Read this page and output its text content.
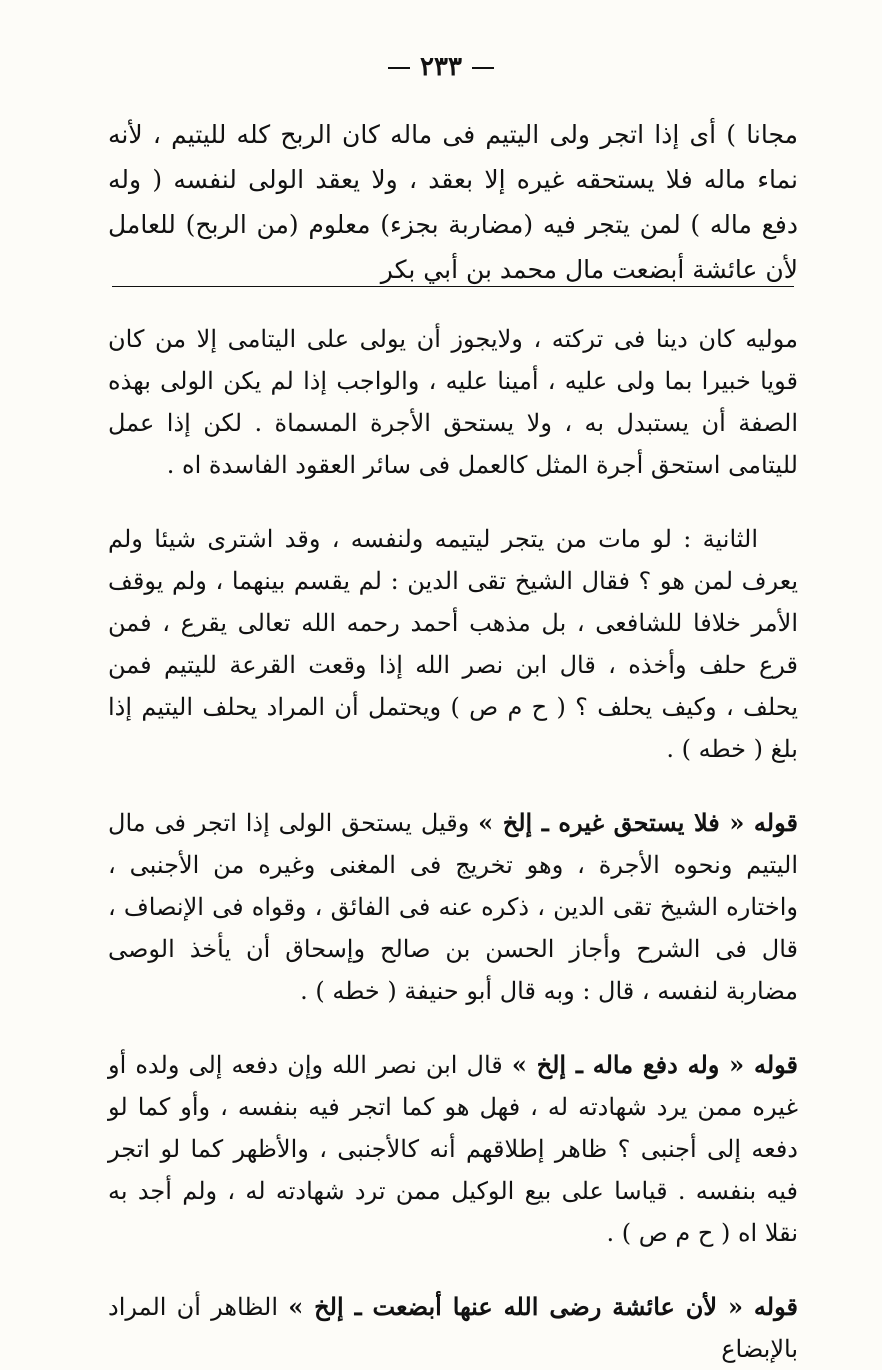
٢٣٣
مجانا ) أى إذا اتجر ولى اليتيم فى ماله كان الربح كله لليتيم ، لأنه نماء ماله فلا يستحقه غيره إلا بعقد ، ولا يعقد الولى لنفسه ( وله دفع ماله ) لمن يتجر فيه (مضاربة بجزء) معلوم (من الربح) للعامل لأن عائشة أبضعت مال محمد بن أبي بكر

موليه كان دينا فى تركته ، ولايجوز أن يولى على اليتامى إلا من كان قويا خبيرا بما ولى عليه ، أمينا عليه ، والواجب إذا لم يكن الولى بهذه الصفة أن يستبدل به ، ولا يستحق الأجرة المسماة . لكن إذا عمل لليتامى استحق أجرة المثل كالعمل فى سائر العقود الفاسدة اه .

الثانية : لو مات من يتجر ليتيمه ولنفسه ، وقد اشترى شيئا ولم يعرف لمن هو ؟ فقال الشيخ تقى الدين : لم يقسم بينهما ، ولم يوقف الأمر خلافا للشافعى ، بل مذهب أحمد رحمه الله تعالى يقرع ، فمن قرع حلف وأخذه ، قال ابن نصر الله إذا وقعت القرعة لليتيم فمن يحلف ، وكيف يحلف ؟ ( ح م ص ) ويحتمل أن المراد يحلف اليتيم إذا بلغ ( خطه ) .

قوله « فلا يستحق غيره ـ إلخ » وقيل يستحق الولى إذا اتجر فى مال اليتيم ونحوه الأجرة ، وهو تخريج فى المغنى وغيره من الأجنبى ، واختاره الشيخ تقى الدين ، ذكره عنه فى الفائق ، وقواه فى الإنصاف ، قال فى الشرح وأجاز الحسن بن صالح وإسحاق أن يأخذ الوصى مضاربة لنفسه ، قال : وبه قال أبو حنيفة ( خطه ) .

قوله « وله دفع ماله ـ إلخ » قال ابن نصر الله وإن دفعه إلى ولده أو غيره ممن يرد شهادته له ، فهل هو كما اتجر فيه بنفسه ، وأو كما لو دفعه إلى أجنبى ؟ ظاهر إطلاقهم أنه كالأجنبى ، والأظهر كما لو اتجر فيه بنفسه . قياسا على بيع الوكيل ممن ترد شهادته له ، ولم أجد به نقلا اه ( ح م ص ) .

قوله « لأن عائشة رضى الله عنها أبضعت ـ إلخ » الظاهر أن المراد بالإبضاع
